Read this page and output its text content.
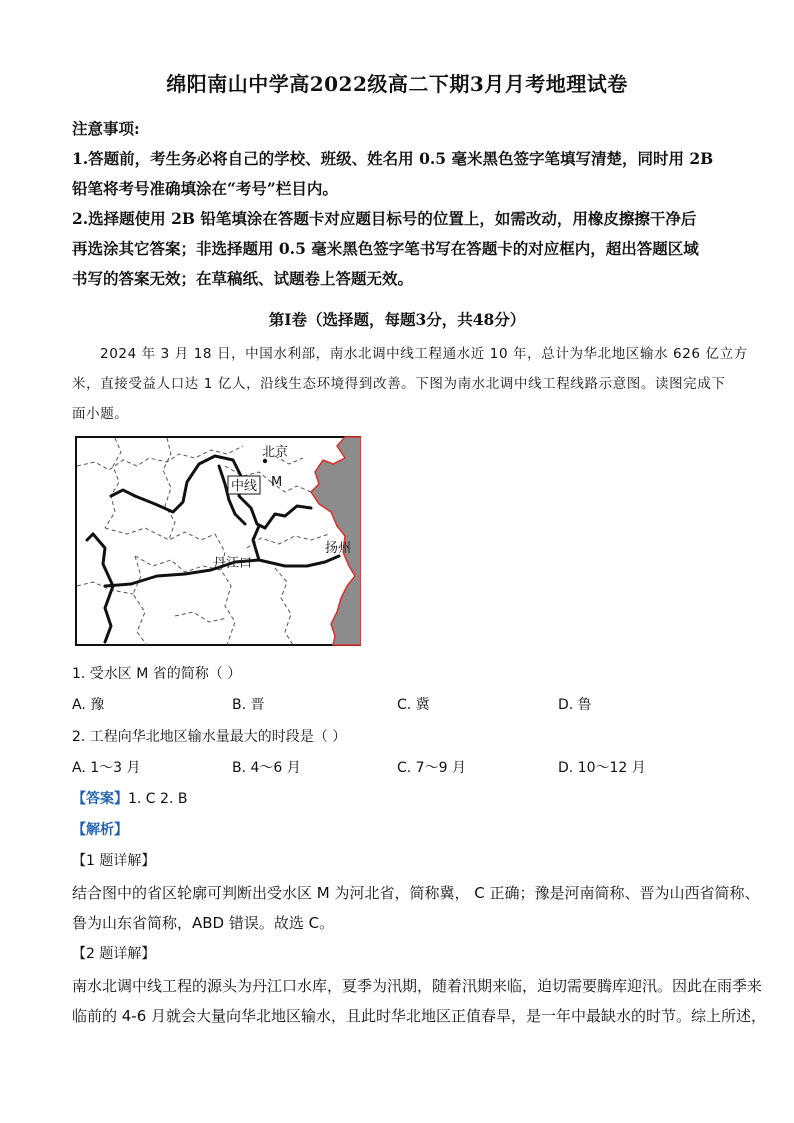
绵阳南山中学高2022级高二下期3月月考地理试卷
注意事项:
1.答题前，考生务必将自己的学校、班级、姓名用 0.5 毫米黑色签字笔填写清楚，同时用 2B
铅笔将考号准确填涂在“考号”栏目内。
2.选择题使用 2B 铅笔填涂在答题卡对应题目标号的位置上，如需改动，用橡皮擦擦干净后
再选涂其它答案；非选择题用 0.5 毫米黑色签字笔书写在答题卡的对应框内，超出答题区域
书写的答案无效；在草稿纸、试题卷上答题无效。
第Ⅰ卷（选择题，每题3分，共48分）
2024 年 3 月 18 日，中国水利部，南水北调中线工程通水近 10 年，总计为华北地区输水 626 亿立方
米，直接受益人口达 1 亿人，沿线生态环境得到改善。下图为南水北调中线工程线路示意图。读图完成下
面小题。
北京
中线 M
丹江口
扬州
1. 受水区 M 省的简称（ ）
A. 豫	B. 晋	C. 冀	D. 鲁
2. 工程向华北地区输水量最大的时段是（ ）
A. 1～3 月	B. 4～6 月	C. 7～9 月	D. 10～12 月
【答案】1. C 2. B
【解析】
【1 题详解】
结合图中的省区轮廓可判断出受水区 M 为河北省，简称冀， C 正确；豫是河南简称、晋为山西省简称、
鲁为山东省简称，ABD 错误。故选 C。
【2 题详解】
南水北调中线工程的源头为丹江口水库，夏季为汛期，随着汛期来临，迫切需要腾库迎汛。因此在雨季来
临前的 4-6 月就会大量向华北地区输水，且此时华北地区正值春旱，是一年中最缺水的时节。综上所述，
